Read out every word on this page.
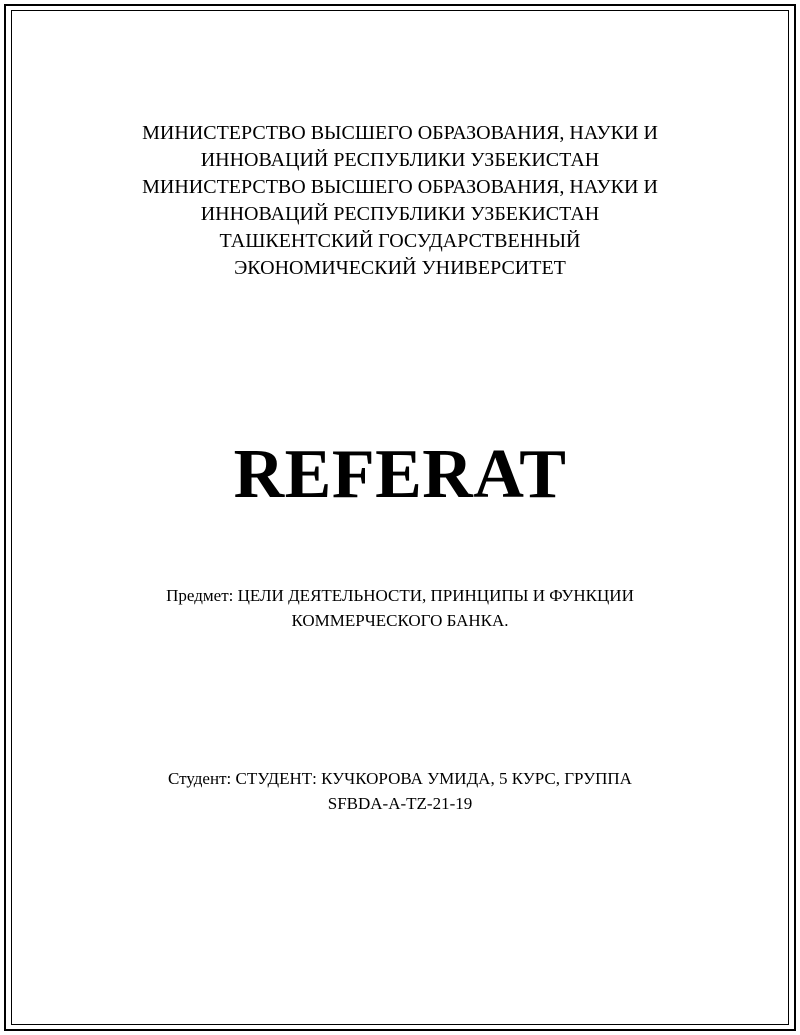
МИНИСТЕРСТВО ВЫСШЕГО ОБРАЗОВАНИЯ, НАУКИ И
ИННОВАЦИЙ РЕСПУБЛИКИ УЗБЕКИСТАН
МИНИСТЕРСТВО ВЫСШЕГО ОБРАЗОВАНИЯ, НАУКИ И
ИННОВАЦИЙ РЕСПУБЛИКИ УЗБЕКИСТАН
ТАШКЕНТСКИЙ ГОСУДАРСТВЕННЫЙ
ЭКОНОМИЧЕСКИЙ УНИВЕРСИТЕТ
REFERAT
Предмет: ЦЕЛИ ДЕЯТЕЛЬНОСТИ, ПРИНЦИПЫ И ФУНКЦИИ
КОММЕРЧЕСКОГО БАНКА.
Студент: СТУДЕНТ: КУЧКОРОВА УМИДА, 5 КУРС, ГРУППА
SFBDA-A-TZ-21-19
